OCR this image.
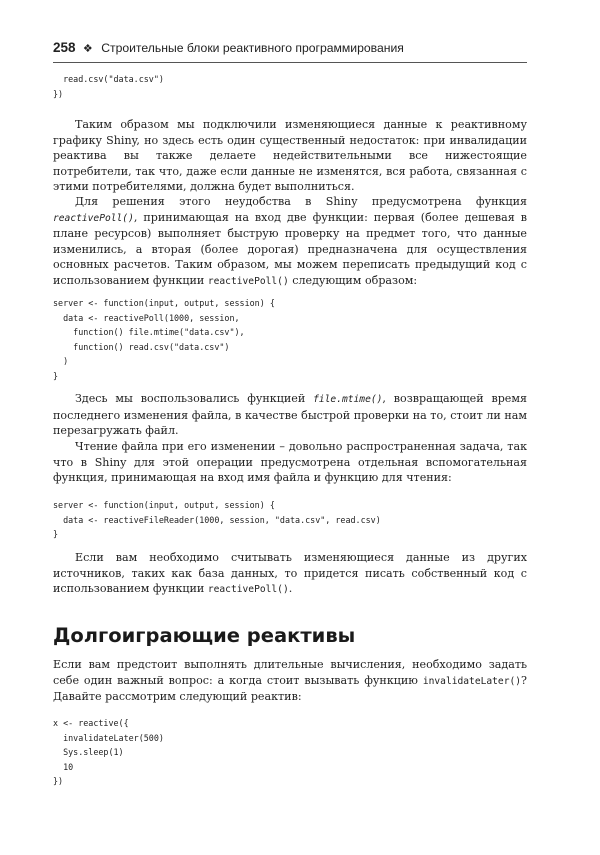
258 ❖ Строительные блоки реактивного программирования
read.csv("data.csv")
})

Таким образом мы подключили изменяющиеся данные к реактивному графику Shiny, но здесь есть один существенный недостаток: при инвалидации реактива вы также делаете недействительными все нижестоящие потребители, так что, даже если данные не изменятся, вся работа, связанная с этими потребителями, должна будет выполниться.

Для решения этого неудобства в Shiny предусмотрена функция reactivePoll(), принимающая на вход две функции: первая (более дешевая в плане ресурсов) выполняет быструю проверку на предмет того, что данные изменились, а вторая (более дорогая) предназначена для осуществления основных расчетов. Таким образом, мы можем переписать предыдущий код с использованием функции reactivePoll() следующим образом:

server <- function(input, output, session) {
data <- reactivePoll(1000, session,
function() file.mtime("data.csv"),
function() read.csv("data.csv")
)
}

Здесь мы воспользовались функцией file.mtime(), возвращающей время последнего изменения файла, в качестве быстрой проверки на то, стоит ли нам перезагружать файл.

Чтение файла при его изменении – довольно распространенная задача, так что в Shiny для этой операции предусмотрена отдельная вспомогательная функция, принимающая на вход имя файла и функцию для чтения:

server <- function(input, output, session) {
data <- reactiveFileReader(1000, session, "data.csv", read.csv)
}

Если вам необходимо считывать изменяющиеся данные из других источников, таких как база данных, то придется писать собственный код с использованием функции reactivePoll().

Долгоиграющие реактивы

Если вам предстоит выполнять длительные вычисления, необходимо задать себе один важный вопрос: а когда стоит вызывать функцию invalidateLater()? Давайте рассмотрим следующий реактив:

x <- reactive({
invalidateLater(500)
Sys.sleep(1)
10
})
